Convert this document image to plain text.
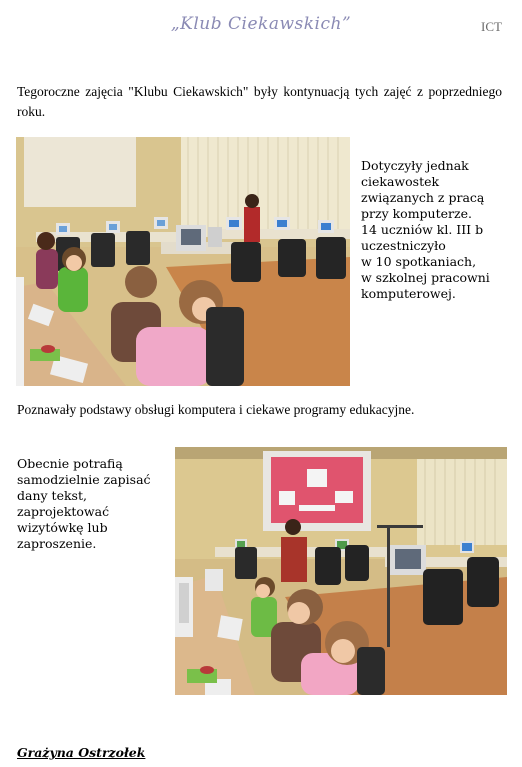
„Klub Ciekawskich”	ICT
Tegoroczne zajęcia "Klubu Ciekawskich" były kontynuacją tych zajęć z poprzedniego roku.
Dotyczyły jednak
ciekawostek
związanych z pracą
przy komputerze.
14 uczniów kl. III b
uczestniczyło
w 10 spotkaniach,
w szkolnej pracowni
komputerowej.
Poznawały podstawy obsługi komputera i ciekawe programy edukacyjne.
Obecnie potrafią
samodzielnie zapisać
dany tekst,
zaprojektować
wizytówkę lub
zaproszenie.
Grażyna Ostrzołek
